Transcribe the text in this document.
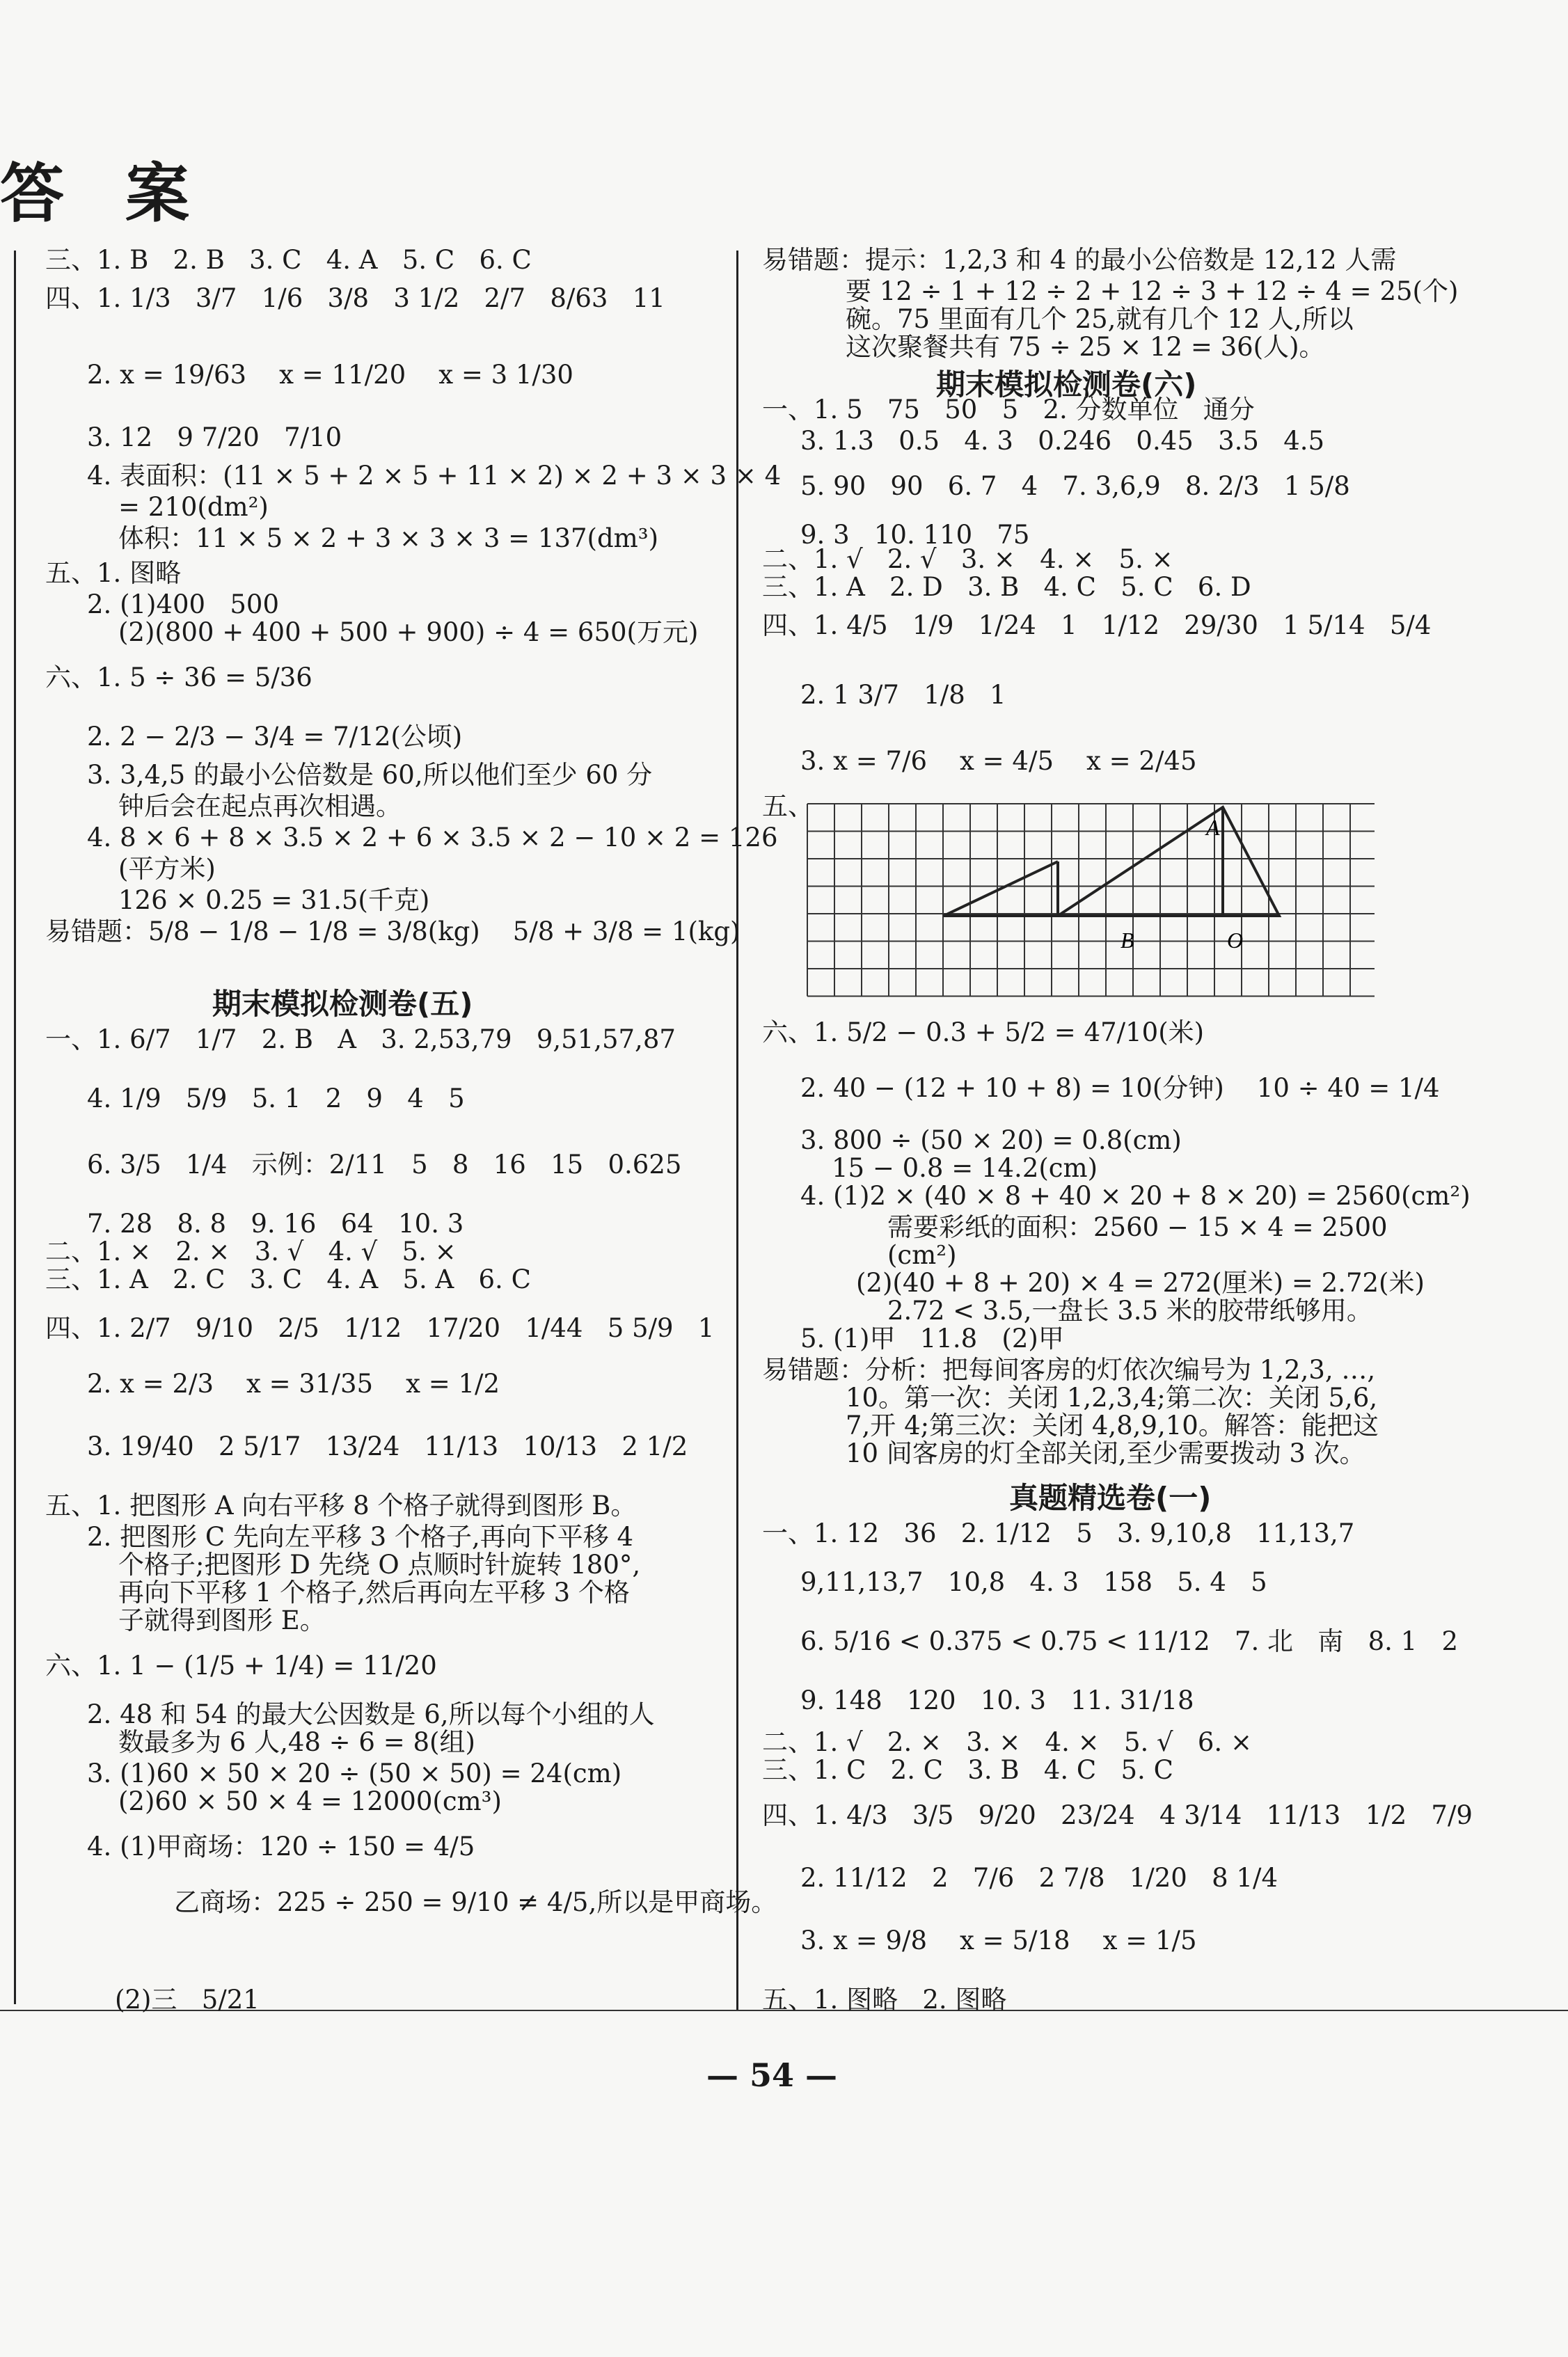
答 案
三、1. B   2. B   3. C   4. A   5. C   6. C
四、1. 1/3   3/7   1/6   3/8   3 1/2   2/7   8/63   11
2. x = 19/63    x = 11/20    x = 3 1/30
3. 12   9 7/20   7/10
4. 表面积：(11 × 5 + 2 × 5 + 11 × 2) × 2 + 3 × 3 × 4
= 210(dm²)
体积：11 × 5 × 2 + 3 × 3 × 3 = 137(dm³)
五、1. 图略
2. (1)400   500
(2)(800 + 400 + 500 + 900) ÷ 4 = 650(万元)
六、1. 5 ÷ 36 = 5/36
2. 2 − 2/3 − 3/4 = 7/12(公顷)
3. 3,4,5 的最小公倍数是 60,所以他们至少 60 分
钟后会在起点再次相遇。
4. 8 × 6 + 8 × 3.5 × 2 + 6 × 3.5 × 2 − 10 × 2 = 126
(平方米)
126 × 0.25 = 31.5(千克)
易错题：5/8 − 1/8 − 1/8 = 3/8(kg)    5/8 + 3/8 = 1(kg)
期末模拟检测卷(五)
一、1. 6/7   1/7   2. B   A   3. 2,53,79   9,51,57,87
4. 1/9   5/9   5. 1   2   9   4   5
6. 3/5   1/4   示例：2/11   5   8   16   15   0.625
7. 28   8. 8   9. 16   64   10. 3
二、1. ×   2. ×   3. √   4. √   5. ×
三、1. A   2. C   3. C   4. A   5. A   6. C
四、1. 2/7   9/10   2/5   1/12   17/20   1/44   5 5/9   1
2. x = 2/3    x = 31/35    x = 1/2
3. 19/40   2 5/17   13/24   11/13   10/13   2 1/2
五、1. 把图形 A 向右平移 8 个格子就得到图形 B。
2. 把图形 C 先向左平移 3 个格子,再向下平移 4
个格子;把图形 D 先绕 O 点顺时针旋转 180°,
再向下平移 1 个格子,然后再向左平移 3 个格
子就得到图形 E。
六、1. 1 − (1/5 + 1/4) = 11/20
2. 48 和 54 的最大公因数是 6,所以每个小组的人
数最多为 6 人,48 ÷ 6 = 8(组)
3. (1)60 × 50 × 20 ÷ (50 × 50) = 24(cm)
(2)60 × 50 × 4 = 12000(cm³)
4. (1)甲商场：120 ÷ 150 = 4/5
乙商场：225 ÷ 250 = 9/10 ≠ 4/5,所以是甲商场。
(2)三   5/21
易错题：提示：1,2,3 和 4 的最小公倍数是 12,12 人需
要 12 ÷ 1 + 12 ÷ 2 + 12 ÷ 3 + 12 ÷ 4 = 25(个)
碗。75 里面有几个 25,就有几个 12 人,所以
这次聚餐共有 75 ÷ 25 × 12 = 36(人)。
期末模拟检测卷(六)
一、1. 5   75   50   5   2. 分数单位   通分
3. 1.3   0.5   4. 3   0.246   0.45   3.5   4.5
5. 90   90   6. 7   4   7. 3,6,9   8. 2/3   1 5/8
9. 3   10. 110   75
二、1. √   2. √   3. ×   4. ×   5. ×
三、1. A   2. D   3. B   4. C   5. C   6. D
四、1. 4/5   1/9   1/24   1   1/12   29/30   1 5/14   5/4
2. 1 3/7   1/8   1
3. x = 7/6    x = 4/5    x = 2/45
五、
六、1. 5/2 − 0.3 + 5/2 = 47/10(米)
2. 40 − (12 + 10 + 8) = 10(分钟)    10 ÷ 40 = 1/4
3. 800 ÷ (50 × 20) = 0.8(cm)
15 − 0.8 = 14.2(cm)
4. (1)2 × (40 × 8 + 40 × 20 + 8 × 20) = 2560(cm²)
需要彩纸的面积：2560 − 15 × 4 = 2500
(cm²)
(2)(40 + 8 + 20) × 4 = 272(厘米) = 2.72(米)
2.72 < 3.5,一盘长 3.5 米的胶带纸够用。
5. (1)甲   11.8   (2)甲
易错题：分析：把每间客房的灯依次编号为 1,2,3, …,
10。第一次：关闭 1,2,3,4;第二次：关闭 5,6,
7,开 4;第三次：关闭 4,8,9,10。解答：能把这
10 间客房的灯全部关闭,至少需要拨动 3 次。
真题精选卷(一)
一、1. 12   36   2. 1/12   5   3. 9,10,8   11,13,7
9,11,13,7   10,8   4. 3   158   5. 4   5
6. 5/16 < 0.375 < 0.75 < 11/12   7. 北   南   8. 1   2
9. 148   120   10. 3   11. 31/18
二、1. √   2. ×   3. ×   4. ×   5. √   6. ×
三、1. C   2. C   3. B   4. C   5. C
四、1. 4/3   3/5   9/20   23/24   4 3/14   11/13   1/2   7/9
2. 11/12   2   7/6   2 7/8   1/20   8 1/4
3. x = 9/8    x = 5/18    x = 1/5
五、1. 图略   2. 图略
A
B	O
— 54 —
